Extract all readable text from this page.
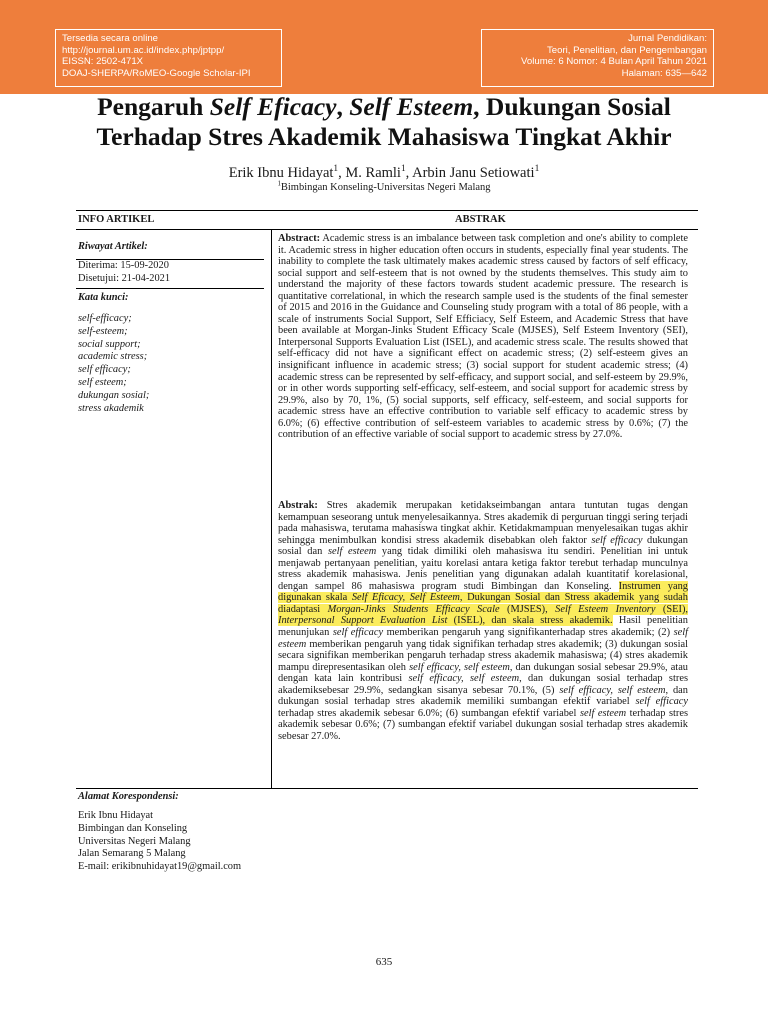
Tersedia secara online
http://journal.um.ac.id/index.php/jptpp/
EISSN: 2502-471X
DOAJ-SHERPA/RoMEO-Google Scholar-IPI
Jurnal Pendidikan:
Teori, Penelitian, dan Pengembangan
Volume: 6 Nomor: 4 Bulan April Tahun 2021
Halaman: 635—642
Pengaruh Self Eficacy, Self Esteem, Dukungan Sosial
Terhadap Stres Akademik Mahasiswa Tingkat Akhir
Erik Ibnu Hidayat$^1$, M. Ramli$^1$, Arbin Janu Setiowati$^1$
$^1$Bimbingan Konseling-Universitas Negeri Malang
INFO ARTIKEL	ABSTRAK
Riwayat Artikel:
Diterima: 15-09-2020
Disetujui: 21-04-2021
Kata kunci:
self-efficacy;
self-esteem;
social support;
academic stress;
self efficacy;
self esteem;
dukungan sosial;
stress akademik
Alamat Korespondensi:
Erik Ibnu Hidayat
Bimbingan dan Konseling
Universitas Negeri Malang
Jalan Semarang 5 Malang
E-mail: erikibnuhidayat19@gmail.com

Abstract: Academic stress is an imbalance between task completion and one's ability to complete it. Academic stress in higher education often occurs in students, especially final year students. The inability to complete the task ultimately makes academic stress caused by factors of self efficacy, social support and self-esteem that is not owned by the students themselves. This study aim to understand the majority of these factors towards student academic pressure. The research is quantitative correlational, in which the research sample used is the students of the final semester of 2015 and 2016 in the Guidance and Counseling study program with a total of 86 people, with a scale of instruments Social Support, Self Efficiacy, Self Esteem, and Academic Stress that have been available at Morgan-Jinks Student Efficacy Scale (MJSES), Self Esteem Inventory (SEI), Interpersonal Supports Evaluation List (ISEL), and academic stress scale. The results showed that self-efficacy did not have a significant effect on academic stress; (2) self-esteem gives an insignificant influence in academic stress; (3) social support for student academic stress; (4) academic stress can be represented by self-efficacy, and support social, and self-esteem by 29.9%, or in other words supporting self-efficacy, self-esteem, and social support for academic stress by 29.9%, also by 70, 1%, (5) social supports, self efficacy, self-esteem, and social supports for academic stress have an effective contribution to variable self efficacy to academic stress by 6.0%; (6) effective contribution of self-esteem variables to academic stress by 0.6%; (7) the contribution of an effective variable of social support to academic stress by 27.0%.

Abstrak: Stres akademik merupakan ketidakseimbangan antara tuntutan tugas dengan kemampuan seseorang untuk menyelesaikannya. Stres akademik di perguruan tinggi sering terjadi pada mahasiswa, terutama mahasiswa tingkat akhir. Ketidakmampuan menyelesaikan tugas akhir sehingga menimbulkan kondisi stress akademik disebabkan oleh faktor self efficacy dukungan sosial dan self esteem yang tidak dimiliki oleh mahasiswa itu sendiri. Penelitian ini untuk menjawab pertanyaan penelitian, yaitu korelasi antara ketiga faktor terebut terhadap munculnya stress akademik mahasiswa. Jenis penelitian yang digunakan adalah kuantitatif korelasional, dengan sampel 86 mahasiswa program studi Bimbingan dan Konseling. Instrumen yang digunakan skala Self Eficacy, Self Esteem, Dukungan Sosial dan Stress akademik yang sudah diadaptasi Morgan-Jinks Students Efficacy Scale (MJSES), Self Esteem Inventory (SEI), Interpersonal Support Evaluation List (ISEL), dan skala stress akademik. Hasil penelitian menunjukan self efficacy memberikan pengaruh yang signifikanterhadap stres akademik; (2) self esteem memberikan pengaruh yang tidak signifikan terhadap stres akademik; (3) dukungan sosial secara signifikan memberikan pengaruh terhadap stress akademik mahasiswa; (4) stres akademik mampu direpresentasikan oleh self efficacy, self esteem, dan dukungan sosial sebesar 29.9%, atau dengan kata lain kontribusi self efficacy, self esteem, dan dukungan sosial terhadap stres akademiksebesar 29.9%, sedangkan sisanya sebesar 70.1%, (5) self efficacy, self esteem, dan dukungan sosial terhadap stres akademik memiliki sumbangan efektif variabel self efficacy terhadap stres akademik sebesar 6.0%; (6) sumbangan efektif variabel self esteem terhadap stres akademik sebesar 0.6%; (7) sumbangan efektif variabel dukungan sosial terhadap stres akademik sebesar 27.0%.

635
